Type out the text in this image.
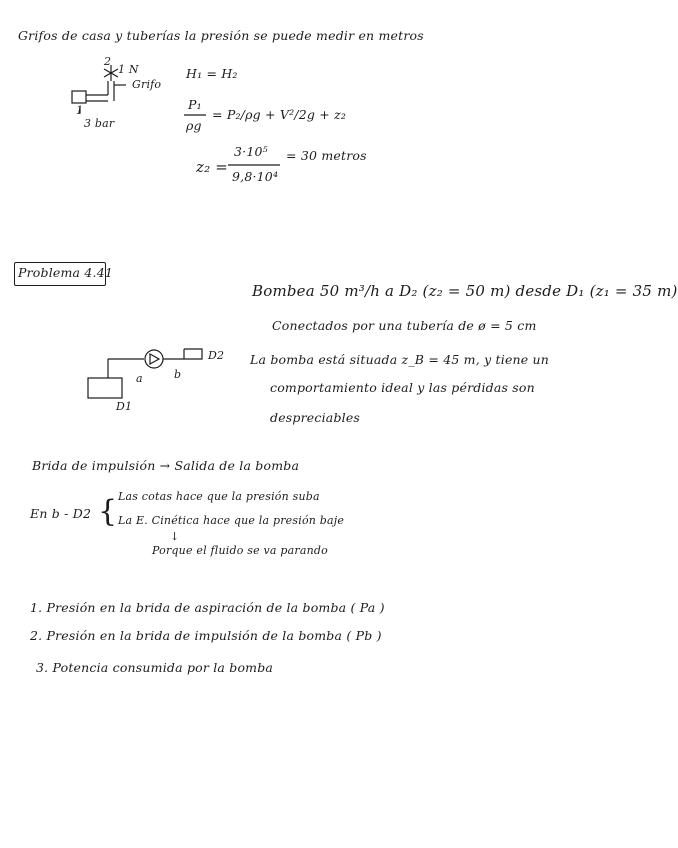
Grifos de casa y tuberías la presión se puede medir en metros
2
1 N
Grifo
1
3 bar
H₁ = H₂
P₁
ρg
= P₂/ρg + V²/2g + z₂
z₂ =
3·10⁵
9,8·10⁴
= 30 metros
Problema 4.41
Bombea 50 m³/h a D₂ (z₂ = 50 m) desde D₁ (z₁ = 35 m)
Conectados por una tubería de ø = 5 cm
La bomba está situada z_B = 45 m, y tiene un
comportamiento ideal y las pérdidas son
despreciables
a	b
D2
D1
Brida de impulsión → Salida de la bomba
En b - D2 { Las cotas hace que la presión suba
La E. Cinética hace que la presión baje
↓
Porque el fluido se va parando
1. Presión en la brida de aspiración de la bomba ( Pa )
2. Presión en la brida de impulsión de la bomba ( Pb )
3. Potencia consumida por la bomba
